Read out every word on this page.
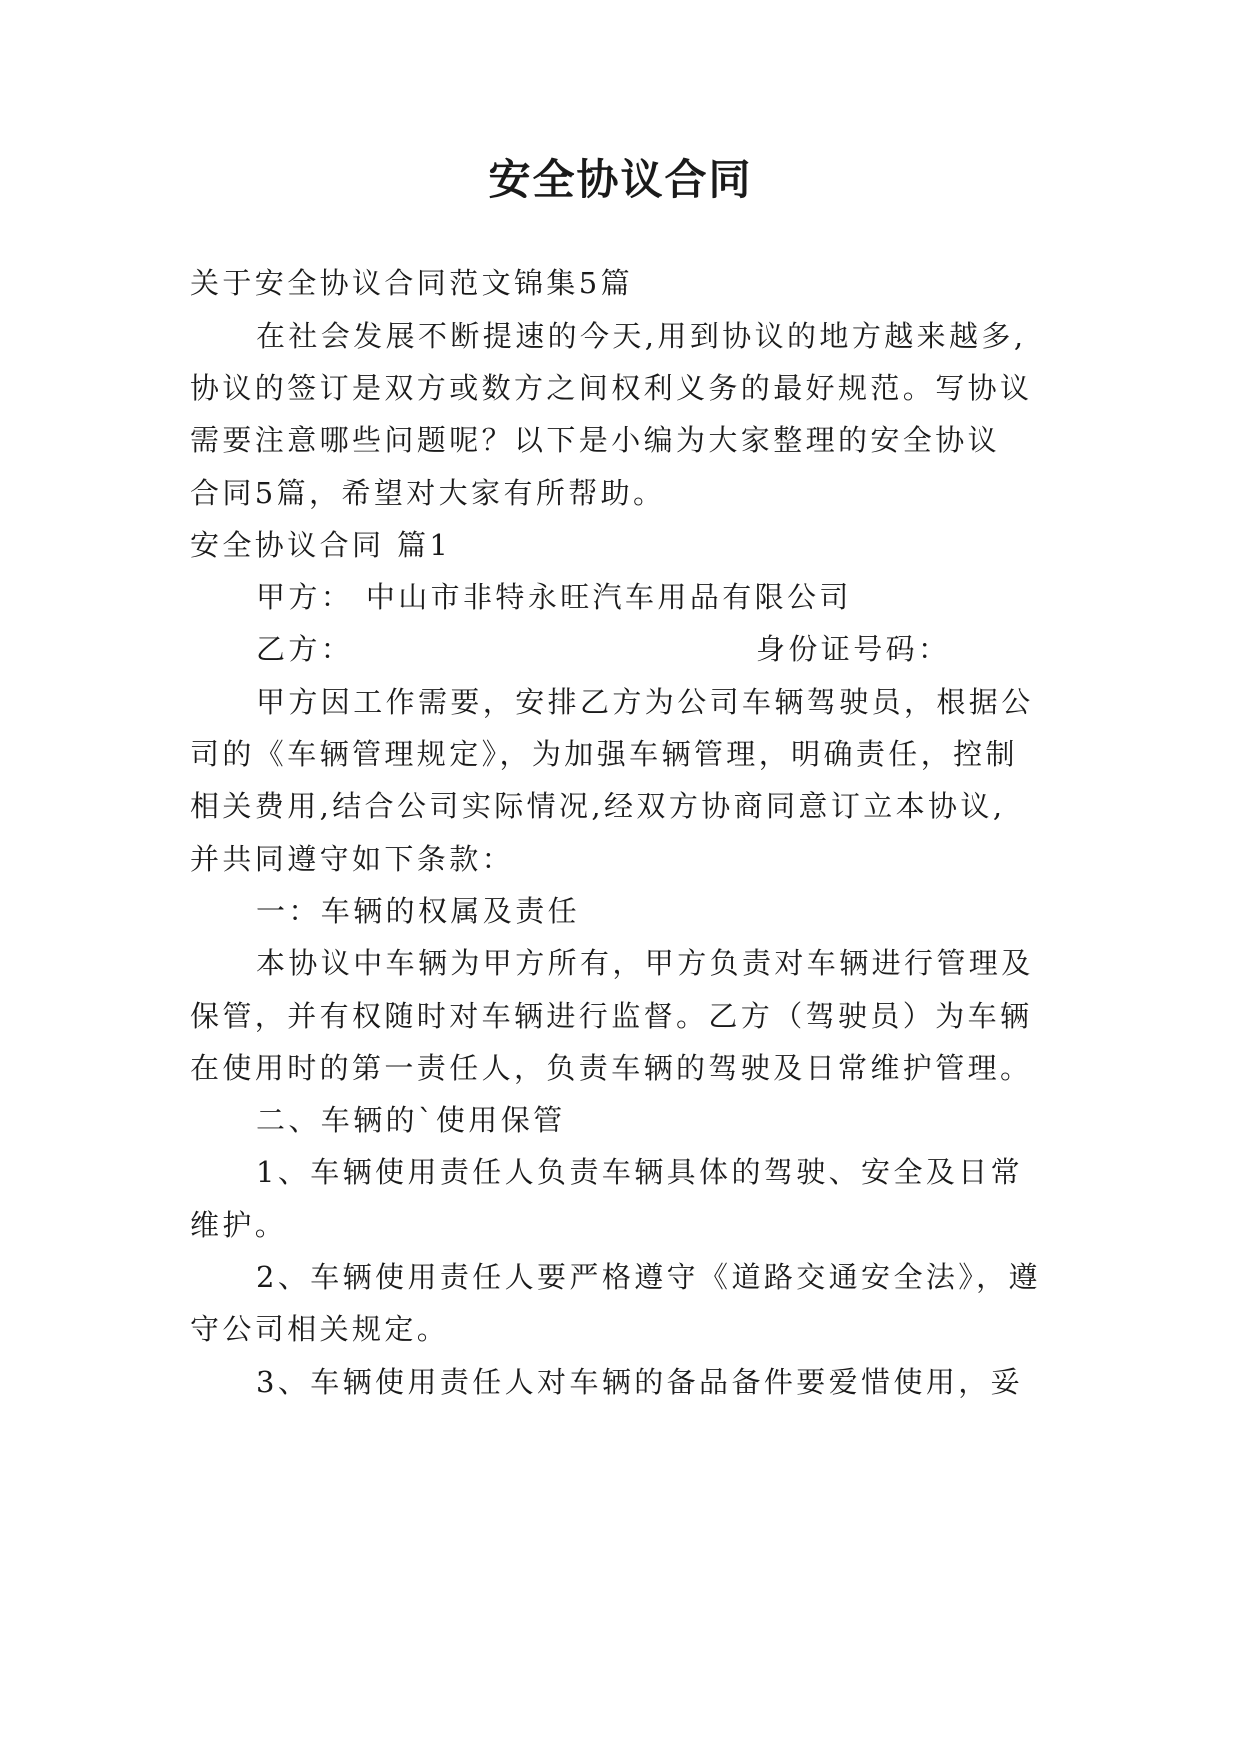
安全协议合同
关于安全协议合同范文锦集5篇
在社会发展不断提速的今天,用到协议的地方越来越多,
协议的签订是双方或数方之间权利义务的最好规范。写协议
需要注意哪些问题呢？以下是小编为大家整理的安全协议
合同5篇，希望对大家有所帮助。
安全协议合同 篇1
甲方： 中山市非特永旺汽车用品有限公司
乙方：	身份证号码：
甲方因工作需要，安排乙方为公司车辆驾驶员，根据公
司的《车辆管理规定》，为加强车辆管理，明确责任，控制
相关费用,结合公司实际情况,经双方协商同意订立本协议,
并共同遵守如下条款：
一：车辆的权属及责任
本协议中车辆为甲方所有，甲方负责对车辆进行管理及
保管，并有权随时对车辆进行监督。乙方（驾驶员）为车辆
在使用时的第一责任人，负责车辆的驾驶及日常维护管理。
二、车辆的`使用保管
1、车辆使用责任人负责车辆具体的驾驶、安全及日常
维护。
2、车辆使用责任人要严格遵守《道路交通安全法》，遵
守公司相关规定。
3、车辆使用责任人对车辆的备品备件要爱惜使用，妥
